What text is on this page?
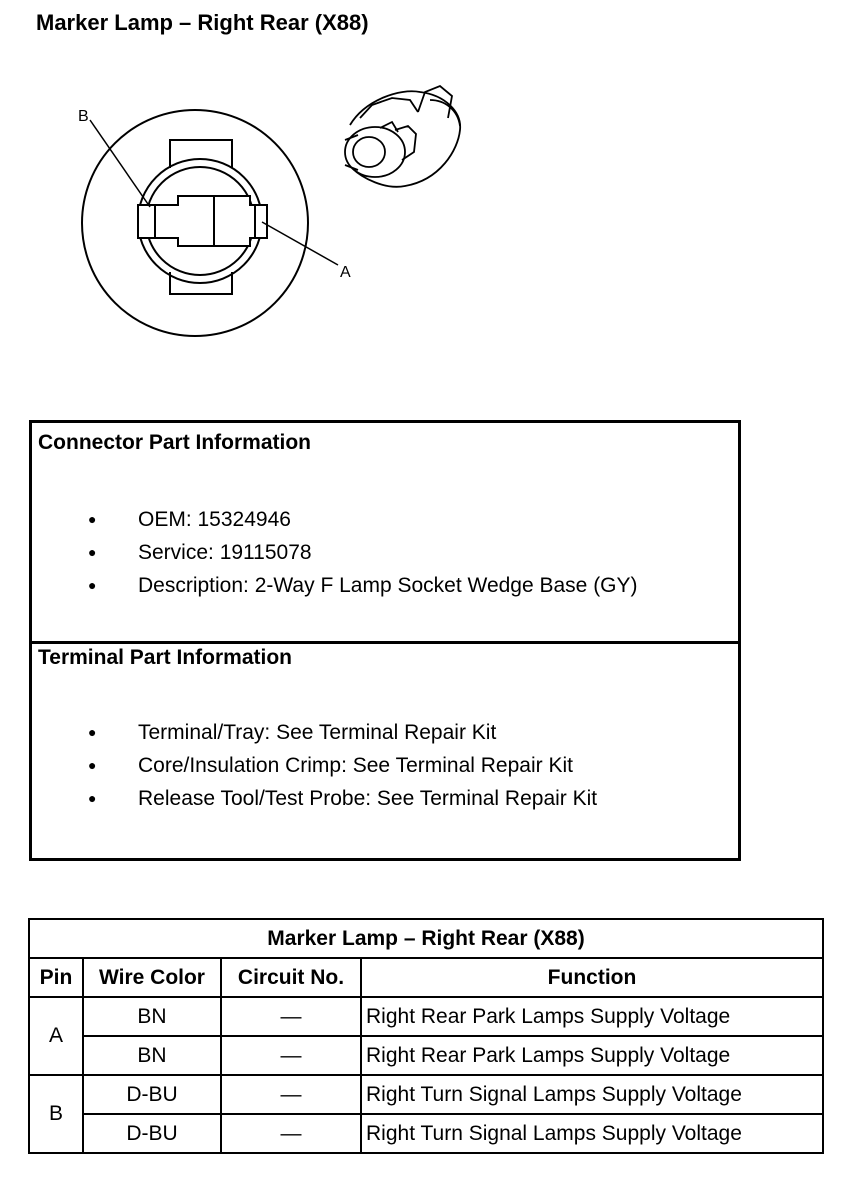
Marker Lamp – Right Rear (X88)
B
A
Connector Part Information
● OEM: 15324946
● Service: 19115078
● Description: 2-Way F Lamp Socket Wedge Base (GY)
Terminal Part Information
● Terminal/Tray: See Terminal Repair Kit
● Core/Insulation Crimp: See Terminal Repair Kit
● Release Tool/Test Probe: See Terminal Repair Kit
Marker Lamp – Right Rear (X88)			
Pin	Wire Color	Circuit No.	Function
A	BN	—	Right Rear Park Lamps Supply Voltage
	BN	—	Right Rear Park Lamps Supply Voltage
B	D-BU	—	Right Turn Signal Lamps Supply Voltage
	D-BU	—	Right Turn Signal Lamps Supply Voltage
